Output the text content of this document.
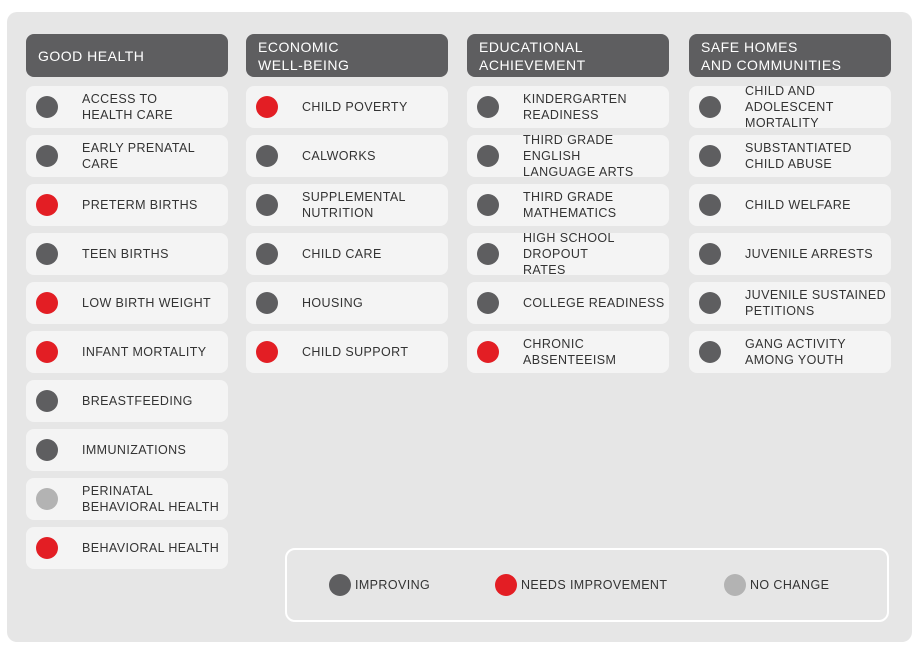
GOOD HEALTH
ACCESS TO
HEALTH CARE
EARLY PRENATAL CARE
PRETERM BIRTHS
TEEN BIRTHS
LOW BIRTH WEIGHT
INFANT MORTALITY
BREASTFEEDING
IMMUNIZATIONS
PERINATAL
BEHAVIORAL HEALTH
BEHAVIORAL HEALTH
ECONOMIC
WELL-BEING
CHILD POVERTY
CALWORKS
SUPPLEMENTAL
NUTRITION
CHILD CARE
HOUSING
CHILD SUPPORT
EDUCATIONAL
ACHIEVEMENT
KINDERGARTEN
READINESS
THIRD GRADE ENGLISH
LANGUAGE ARTS
THIRD GRADE
MATHEMATICS
HIGH SCHOOL DROPOUT
RATES
COLLEGE READINESS
CHRONIC ABSENTEEISM
SAFE HOMES
AND COMMUNITIES
CHILD AND ADOLESCENT
MORTALITY
SUBSTANTIATED
CHILD ABUSE
CHILD WELFARE
JUVENILE ARRESTS
JUVENILE SUSTAINED
PETITIONS
GANG ACTIVITY
AMONG YOUTH
IMPROVING	NEEDS IMPROVEMENT	NO CHANGE
